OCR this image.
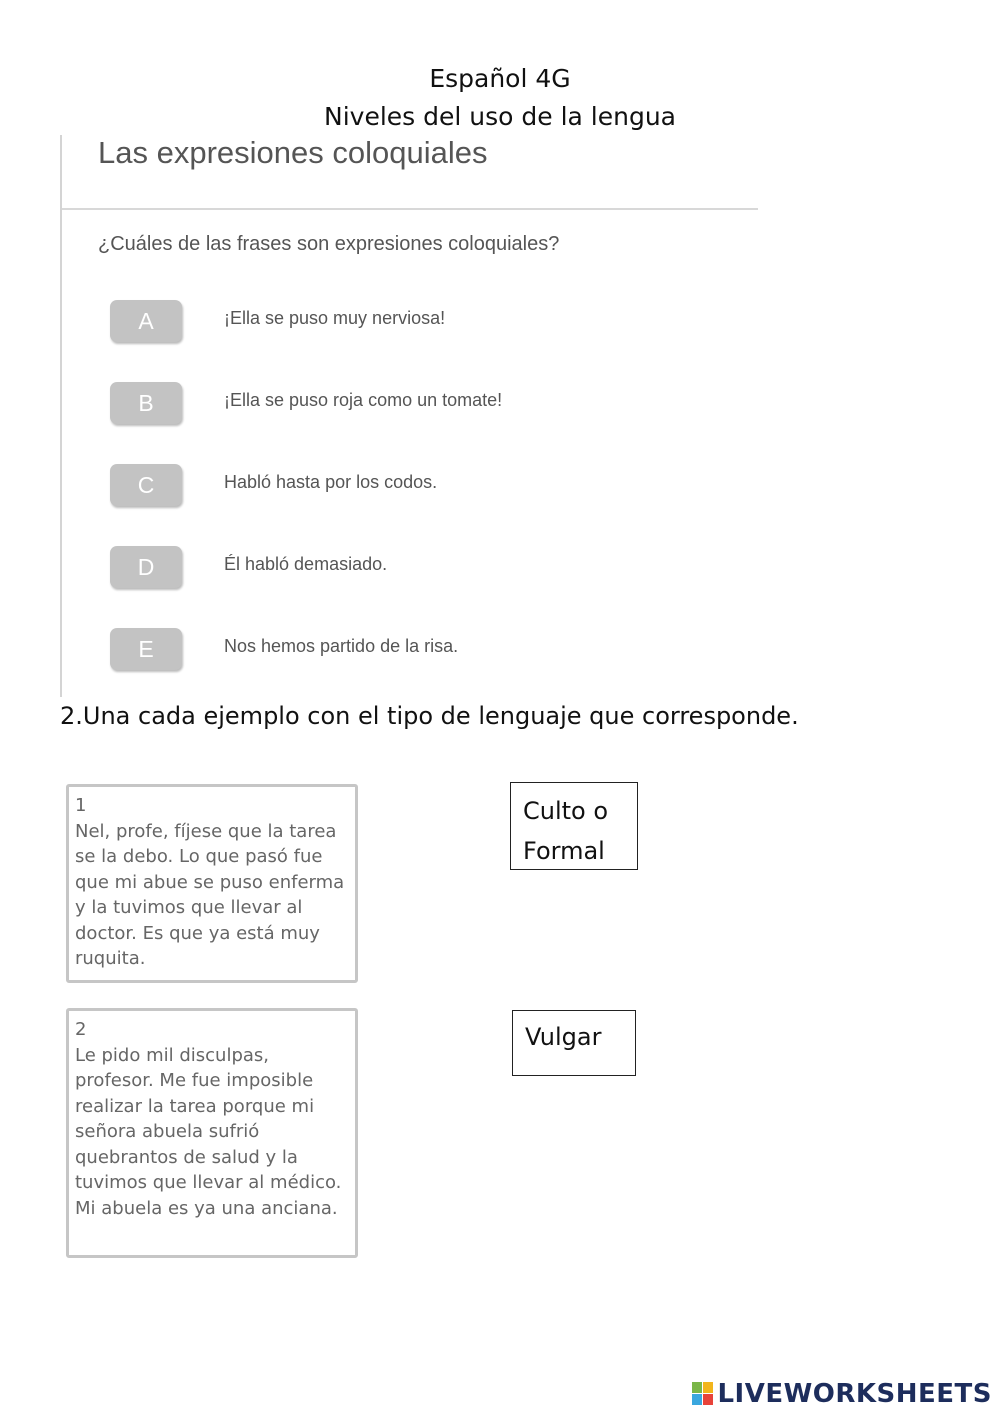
Español 4G
Niveles del uso de la lengua
Las expresiones coloquiales
¿Cuáles de las frases son expresiones coloquiales?
A	¡Ella se puso muy nerviosa!
B	¡Ella se puso roja como un tomate!
C	Habló hasta por los codos.
D	Él habló demasiado.
E	Nos hemos partido de la risa.
2.Una cada ejemplo con el tipo de lenguaje que corresponde.
1
Nel, profe, fíjese que la tarea se la debo. Lo que pasó fue que mi abue se puso enferma y la tuvimos que llevar al doctor. Es que ya está muy ruquita.
2
Le pido mil disculpas, profesor. Me fue imposible realizar la tarea porque mi señora abuela sufrió quebrantos de salud y la tuvimos que llevar al médico. Mi abuela es ya una anciana.
Culto o
Formal
Vulgar
LIVEWORKSHEETS
